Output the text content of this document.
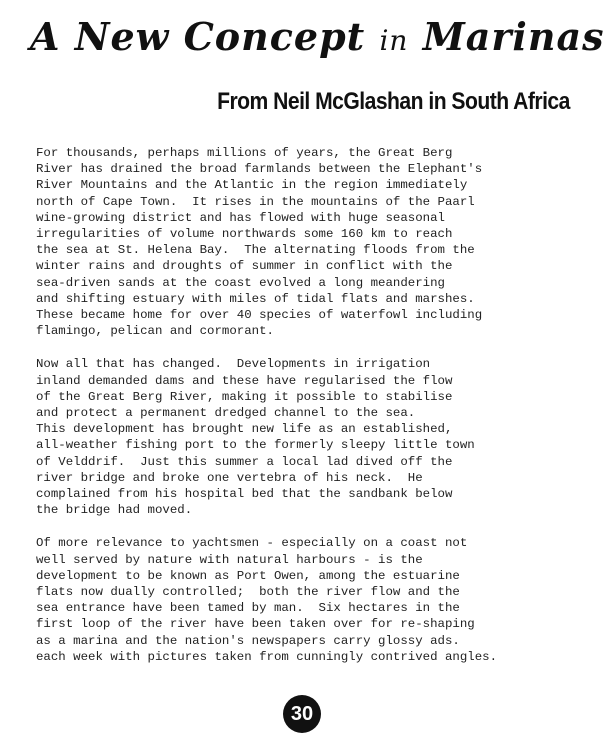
A New Concept in Marinas
From Neil McGlashan in South Africa

For thousands, perhaps millions of years, the Great Berg
River has drained the broad farmlands between the Elephant's
River Mountains and the Atlantic in the region immediately
north of Cape Town.  It rises in the mountains of the Paarl
wine-growing district and has flowed with huge seasonal
irregularities of volume northwards some 160 km to reach
the sea at St. Helena Bay.  The alternating floods from the
winter rains and droughts of summer in conflict with the
sea-driven sands at the coast evolved a long meandering
and shifting estuary with miles of tidal flats and marshes.
These became home for over 40 species of waterfowl including
flamingo, pelican and cormorant.

Now all that has changed.  Developments in irrigation
inland demanded dams and these have regularised the flow
of the Great Berg River, making it possible to stabilise
and protect a permanent dredged channel to the sea.
This development has brought new life as an established,
all-weather fishing port to the formerly sleepy little town
of Velddrif.  Just this summer a local lad dived off the
river bridge and broke one vertebra of his neck.  He
complained from his hospital bed that the sandbank below
the bridge had moved.

Of more relevance to yachtsmen - especially on a coast not
well served by nature with natural harbours - is the
development to be known as Port Owen, among the estuarine
flats now dually controlled;  both the river flow and the
sea entrance have been tamed by man.  Six hectares in the
first loop of the river have been taken over for re-shaping
as a marina and the nation's newspapers carry glossy ads.
each week with pictures taken from cunningly contrived angles.

30
